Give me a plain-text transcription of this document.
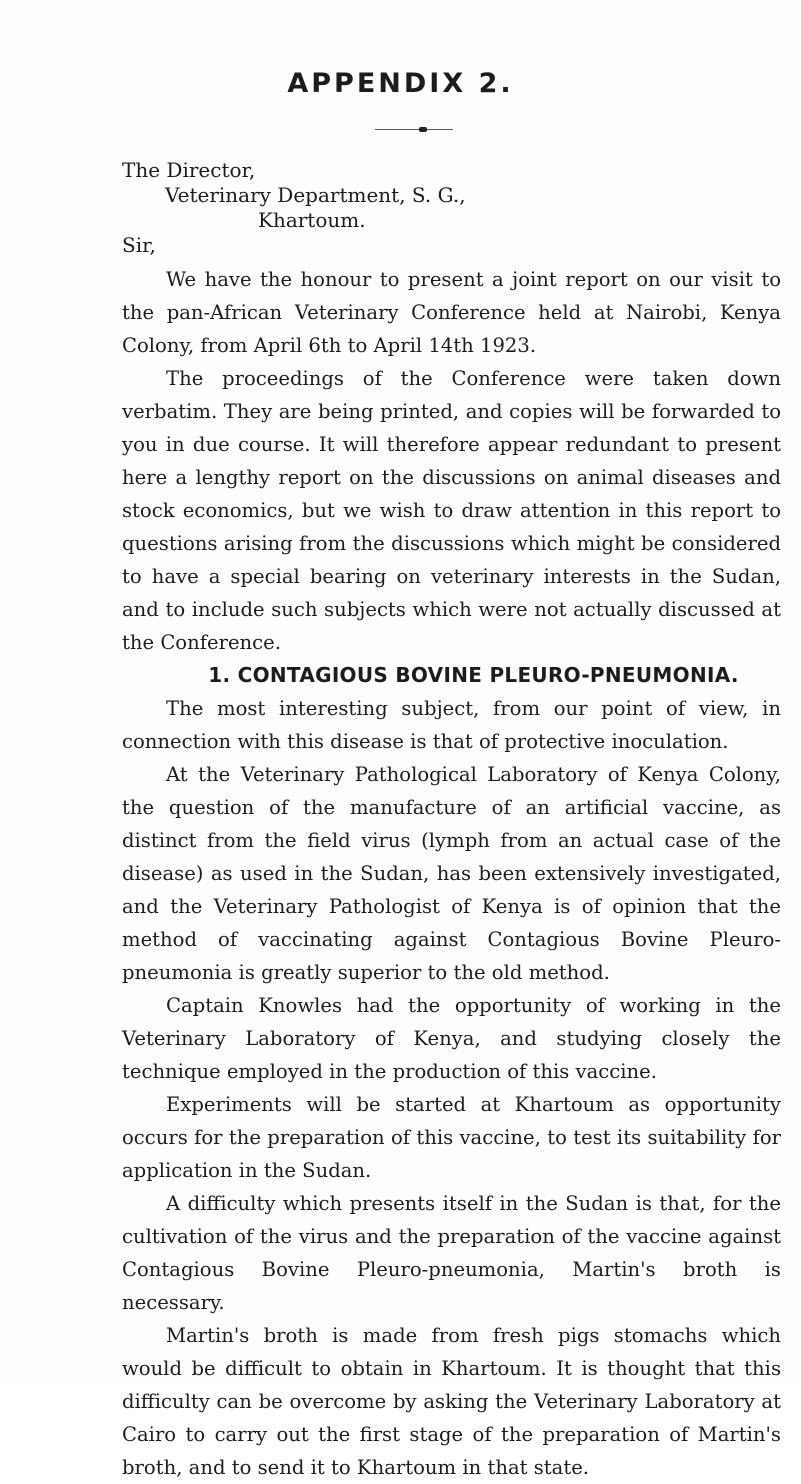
APPENDIX 2.
The Director,
Veterinary Department, S. G.,
Khartoum.
Sir,

We have the honour to present a joint report on our visit to the pan-African Veterinary Conference held at Nairobi, Kenya Colony, from April 6th to April 14th 1923.

The proceedings of the Conference were taken down verbatim. They are being printed, and copies will be forwarded to you in due course. It will therefore appear redundant to present here a lengthy report on the discussions on animal diseases and stock economics, but we wish to draw attention in this report to questions arising from the discussions which might be considered to have a special bearing on veterinary interests in the Sudan, and to include such subjects which were not actually discussed at the Conference.

1. CONTAGIOUS BOVINE PLEURO-PNEUMONIA.

The most interesting subject, from our point of view, in connection with this disease is that of protective inoculation.

At the Veterinary Pathological Laboratory of Kenya Colony, the question of the manufacture of an artificial vaccine, as distinct from the field virus (lymph from an actual case of the disease) as used in the Sudan, has been extensively investigated, and the Veterinary Pathologist of Kenya is of opinion that the method of vaccinating against Contagious Bovine Pleuro-pneumonia is greatly superior to the old method.

Captain Knowles had the opportunity of working in the Veterinary Laboratory of Kenya, and studying closely the technique employed in the production of this vaccine.

Experiments will be started at Khartoum as opportunity occurs for the preparation of this vaccine, to test its suitability for application in the Sudan.

A difficulty which presents itself in the Sudan is that, for the cultivation of the virus and the preparation of the vaccine against Contagious Bovine Pleuro-pneumonia, Martin's broth is necessary.

Martin's broth is made from fresh pigs stomachs which would be difficult to obtain in Khartoum. It is thought that this difficulty can be overcome by asking the Veterinary Laboratory at Cairo to carry out the first stage of the preparation of Martin's broth, and to send it to Khartoum in that state.
